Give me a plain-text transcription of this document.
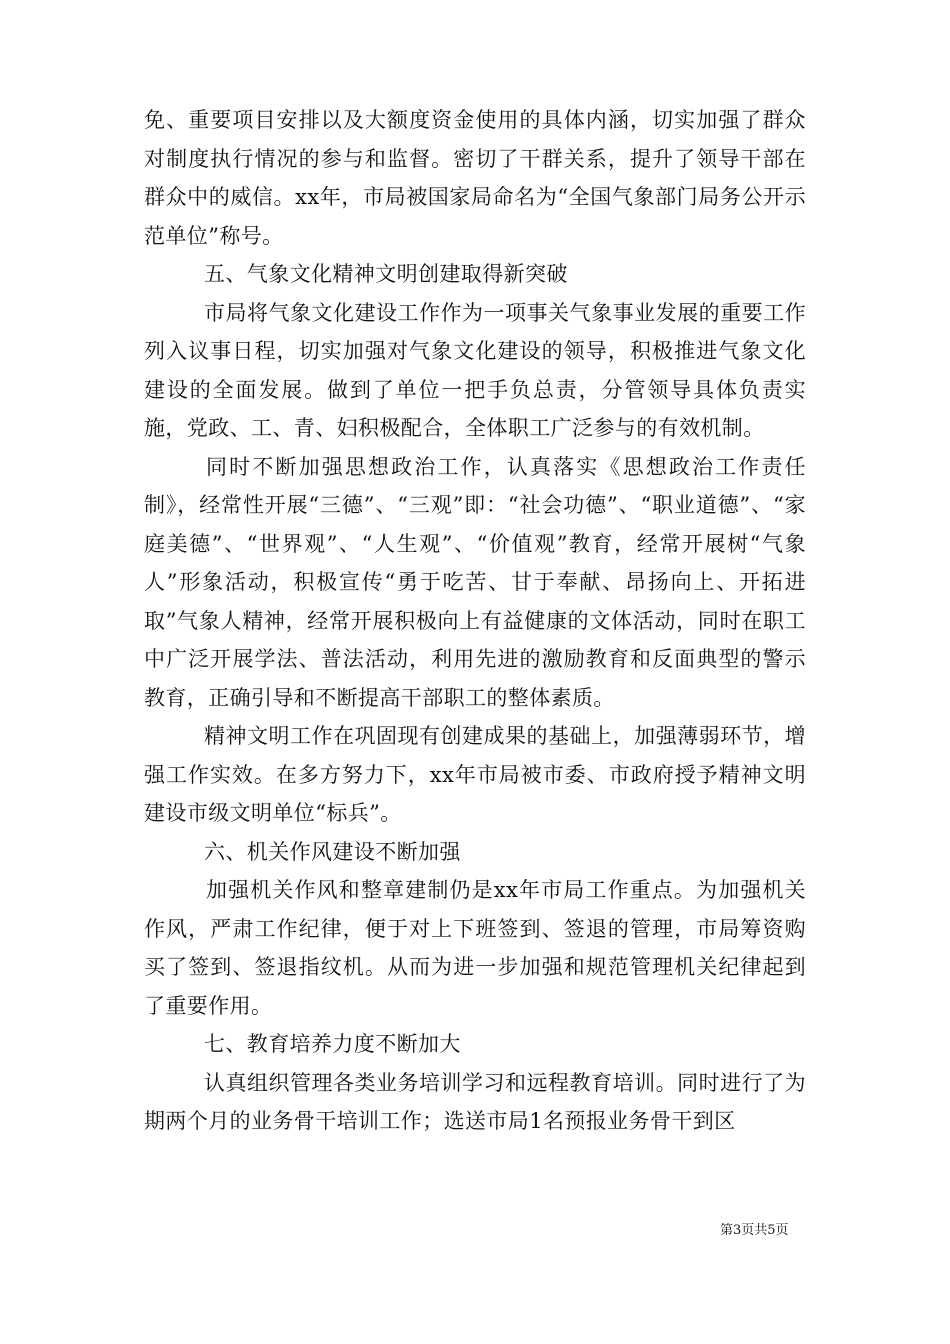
免、重要项目安排以及大额度资金使用的具体内涵，切实加强了群众对制度执行情况的参与和监督。密切了干群关系，提升了领导干部在群众中的威信。xx年，市局被国家局命名为“全国气象部门局务公开示范单位”称号。

五、气象文化精神文明创建取得新突破

市局将气象文化建设工作作为一项事关气象事业发展的重要工作列入议事日程，切实加强对气象文化建设的领导，积极推进气象文化建设的全面发展。做到了单位一把手负总责，分管领导具体负责实施，党政、工、青、妇积极配合，全体职工广泛参与的有效机制。

同时不断加强思想政治工作，认真落实《思想政治工作责任制》，经常性开展“三德”、“三观”即：“社会功德”、“职业道德”、“家庭美德”、“世界观”、“人生观”、“价值观”教育，经常开展树“气象人”形象活动，积极宣传“勇于吃苦、甘于奉献、昂扬向上、开拓进取”气象人精神，经常开展积极向上有益健康的文体活动，同时在职工中广泛开展学法、普法活动，利用先进的激励教育和反面典型的警示教育，正确引导和不断提高干部职工的整体素质。

精神文明工作在巩固现有创建成果的基础上，加强薄弱环节，增强工作实效。在多方努力下，xx年市局被市委、市政府授予精神文明建设市级文明单位“标兵”。

六、机关作风建设不断加强

加强机关作风和整章建制仍是xx年市局工作重点。为加强机关作风，严肃工作纪律，便于对上下班签到、签退的管理，市局筹资购买了签到、签退指纹机。从而为进一步加强和规范管理机关纪律起到了重要作用。

七、教育培养力度不断加大

认真组织管理各类业务培训学习和远程教育培训。同时进行了为期两个月的业务骨干培训工作；选送市局1名预报业务骨干到区

第3页共5页
